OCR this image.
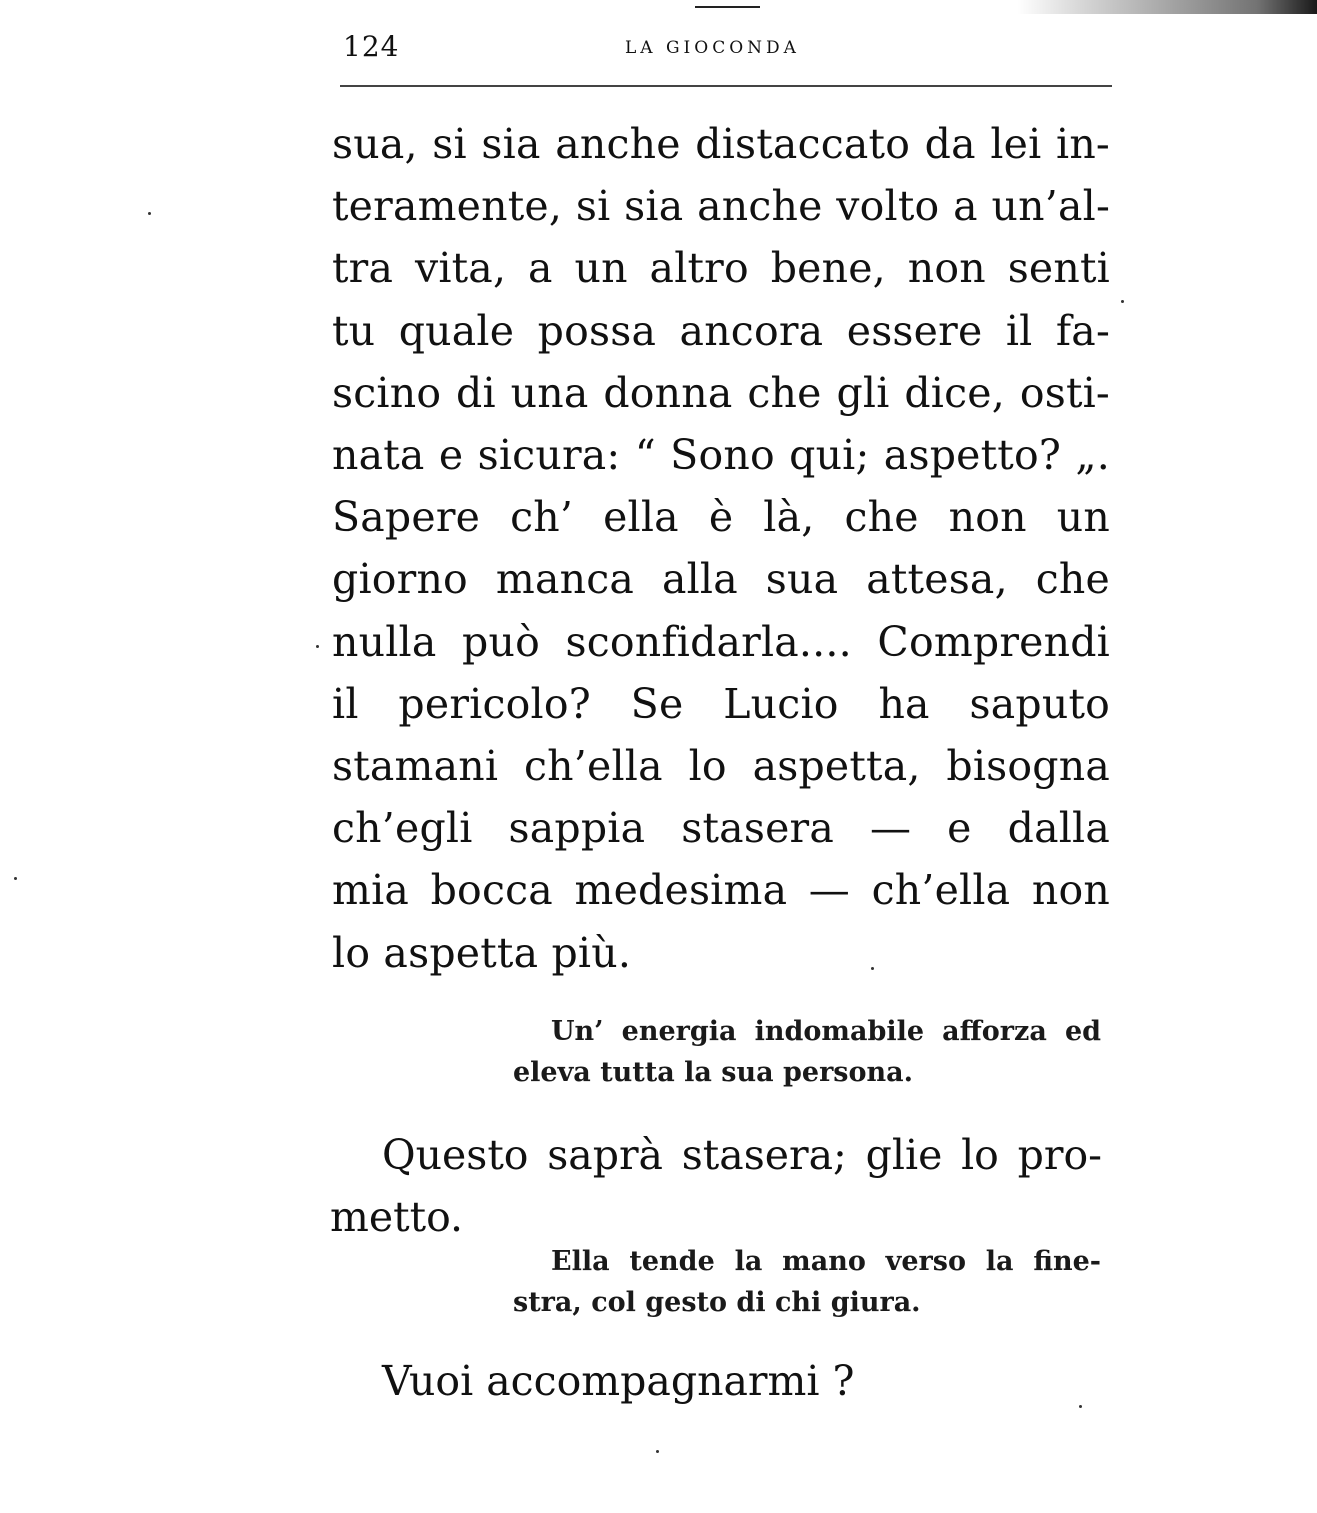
124	LA GIOCONDA
sua, si sia anche distaccato da lei in-
teramente, si sia anche volto a un’al-
tra vita, a un altro bene, non senti
tu quale possa ancora essere il fa-
scino di una donna che gli dice, osti-
nata e sicura: “ Sono qui; aspetto? „.
Sapere ch’ ella è là, che non un
giorno manca alla sua attesa, che
nulla può sconfidarla.... Comprendi
il pericolo? Se Lucio ha saputo
stamani ch’ella lo aspetta, bisogna
ch’egli sappia stasera — e dalla
mia bocca medesima — ch’ella non
lo aspetta più.
Un’ energia indomabile afforza ed
eleva tutta la sua persona.
Questo saprà stasera; glie lo pro-
metto.
Ella tende la mano verso la fine-
stra, col gesto di chi giura.
Vuoi accompagnarmi ?
